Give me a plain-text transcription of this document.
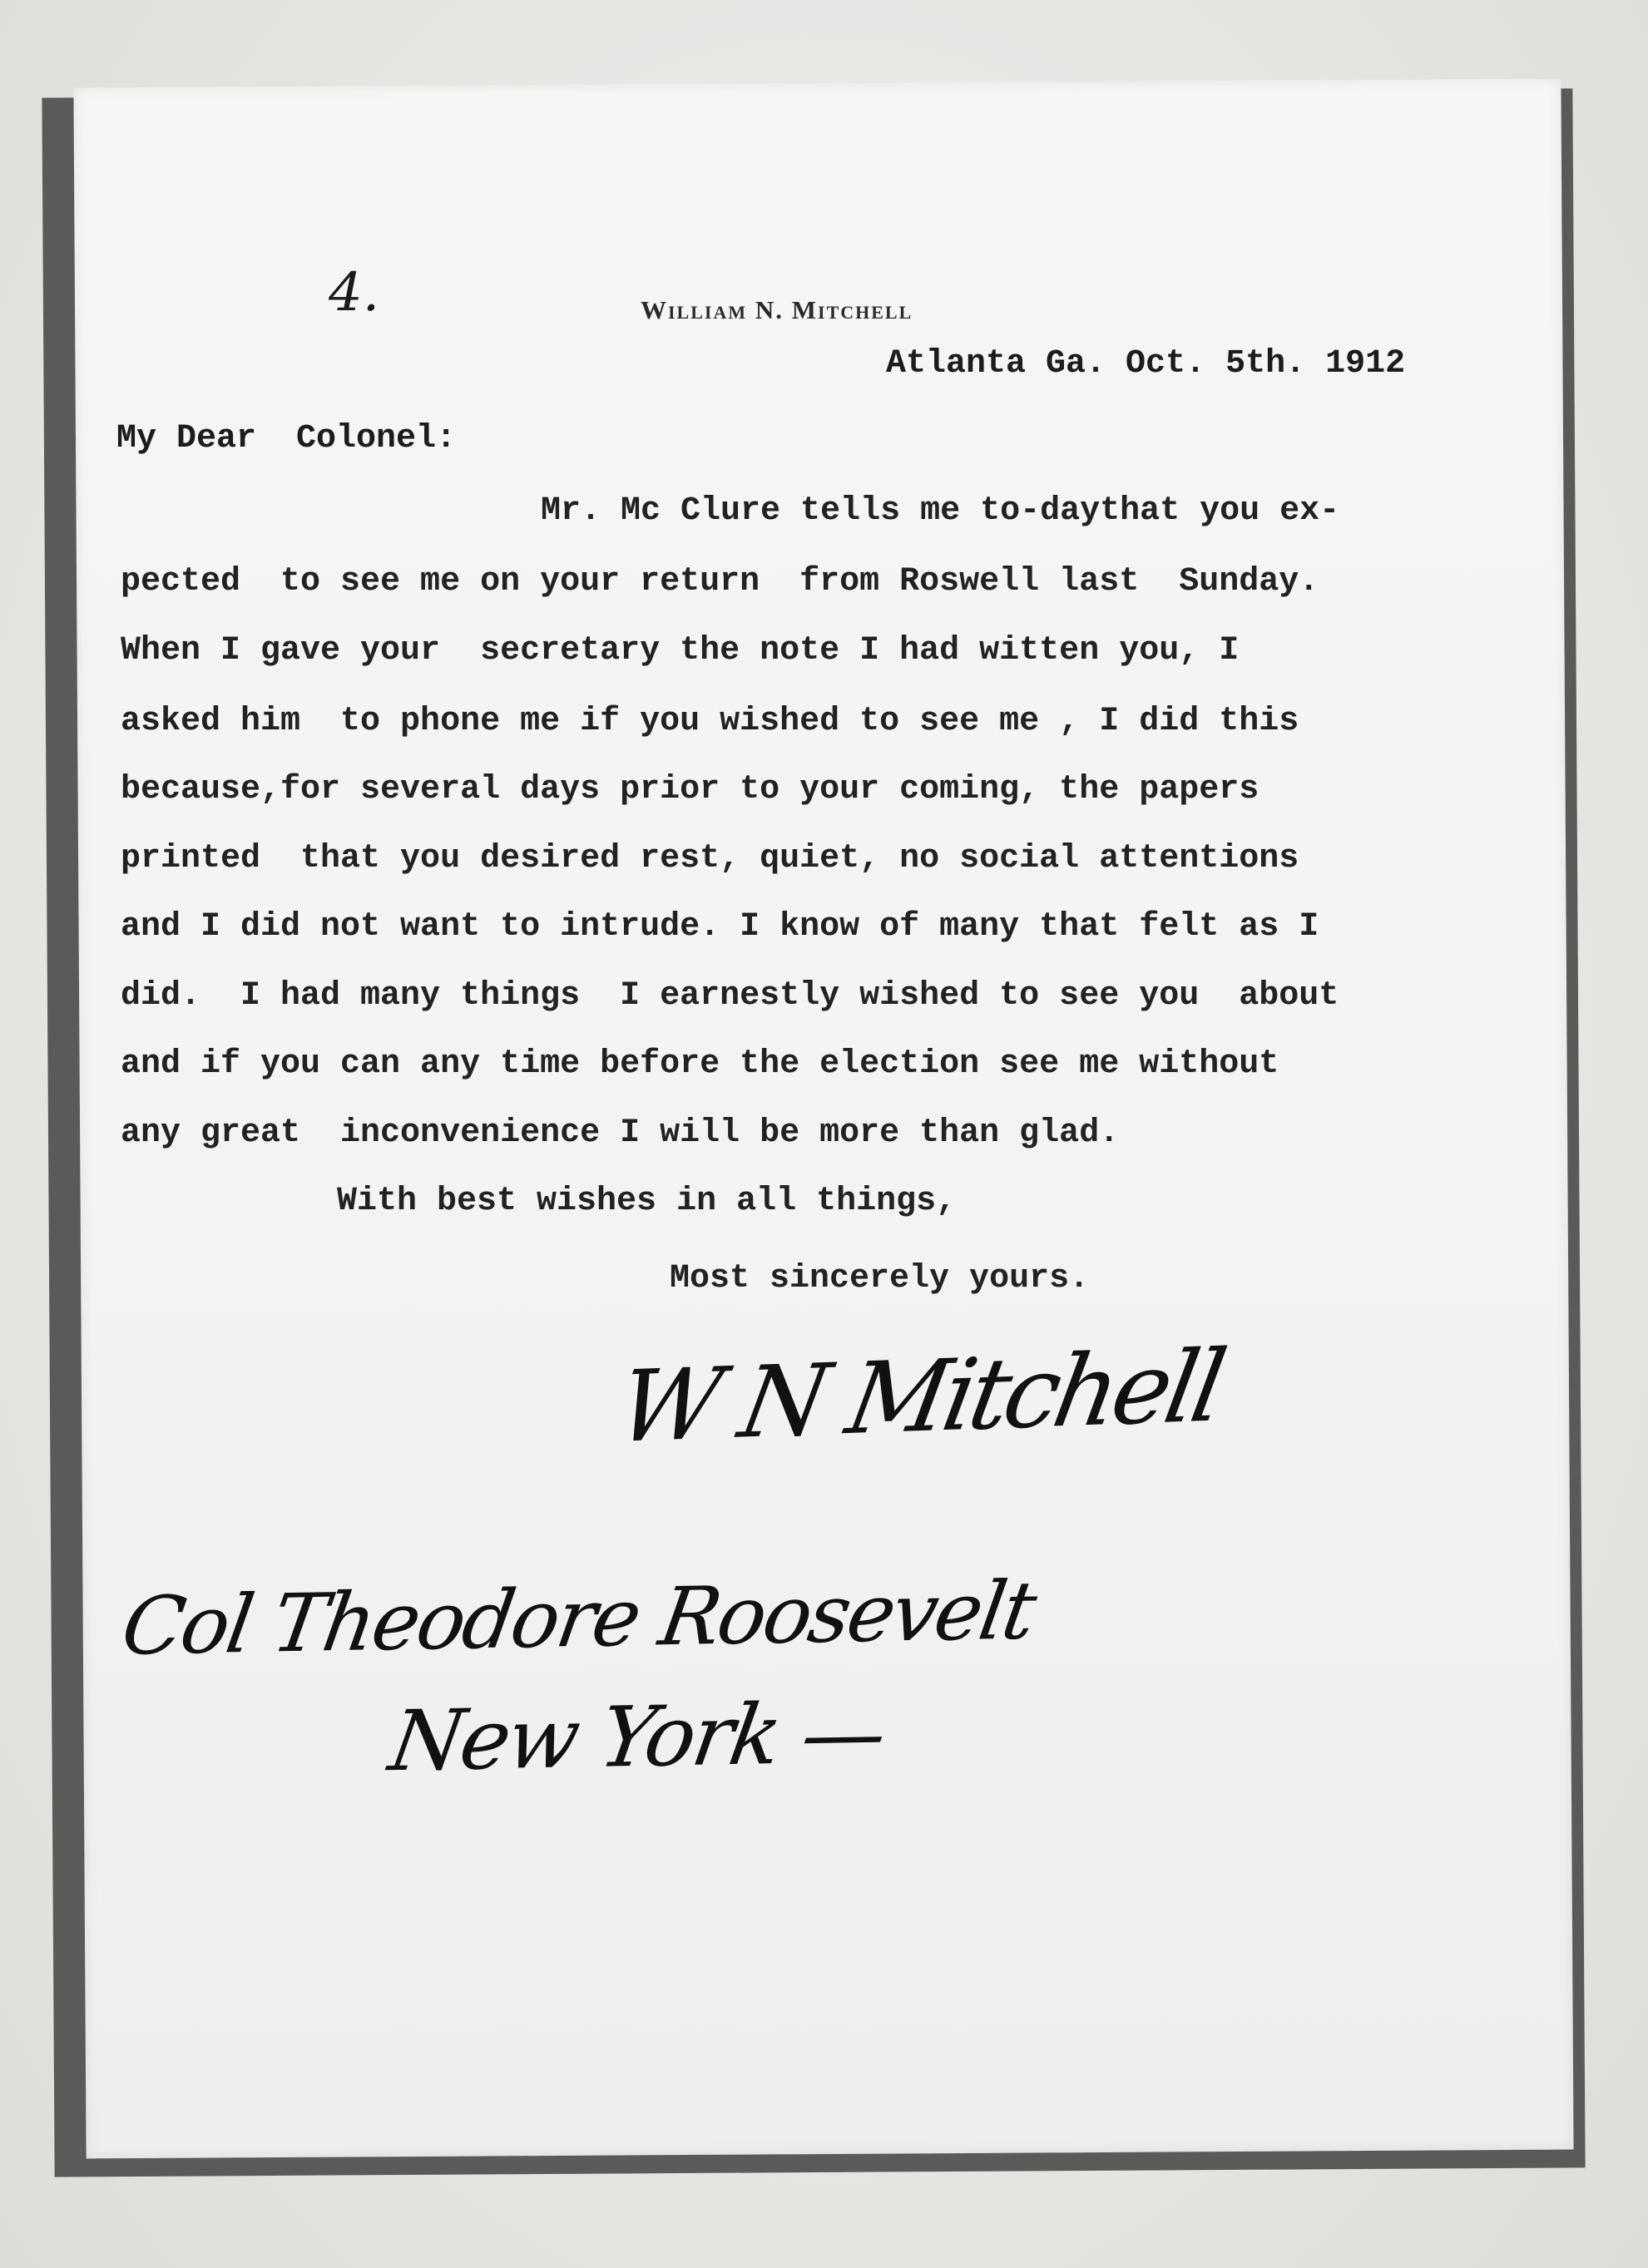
4.	William N. Mitchell
Atlanta Ga. Oct. 5th. 1912
My Dear  Colonel:
Mr. Mc Clure tells me to-daythat you ex-
pected  to see me on your return  from Roswell last  Sunday.
When I gave your  secretary the note I had witten you, I
asked him  to phone me if you wished to see me , I did this
because,for several days prior to your coming, the papers
printed  that you desired rest, quiet, no social attentions
and I did not want to intrude. I know of many that felt as I
did.  I had many things  I earnestly wished to see you  about
and if you can any time before the election see me without
any great  inconvenience I will be more than glad.
With best wishes in all things,
Most sincerely yours.
W N Mitchell
Col Theodore Roosevelt
New York —
